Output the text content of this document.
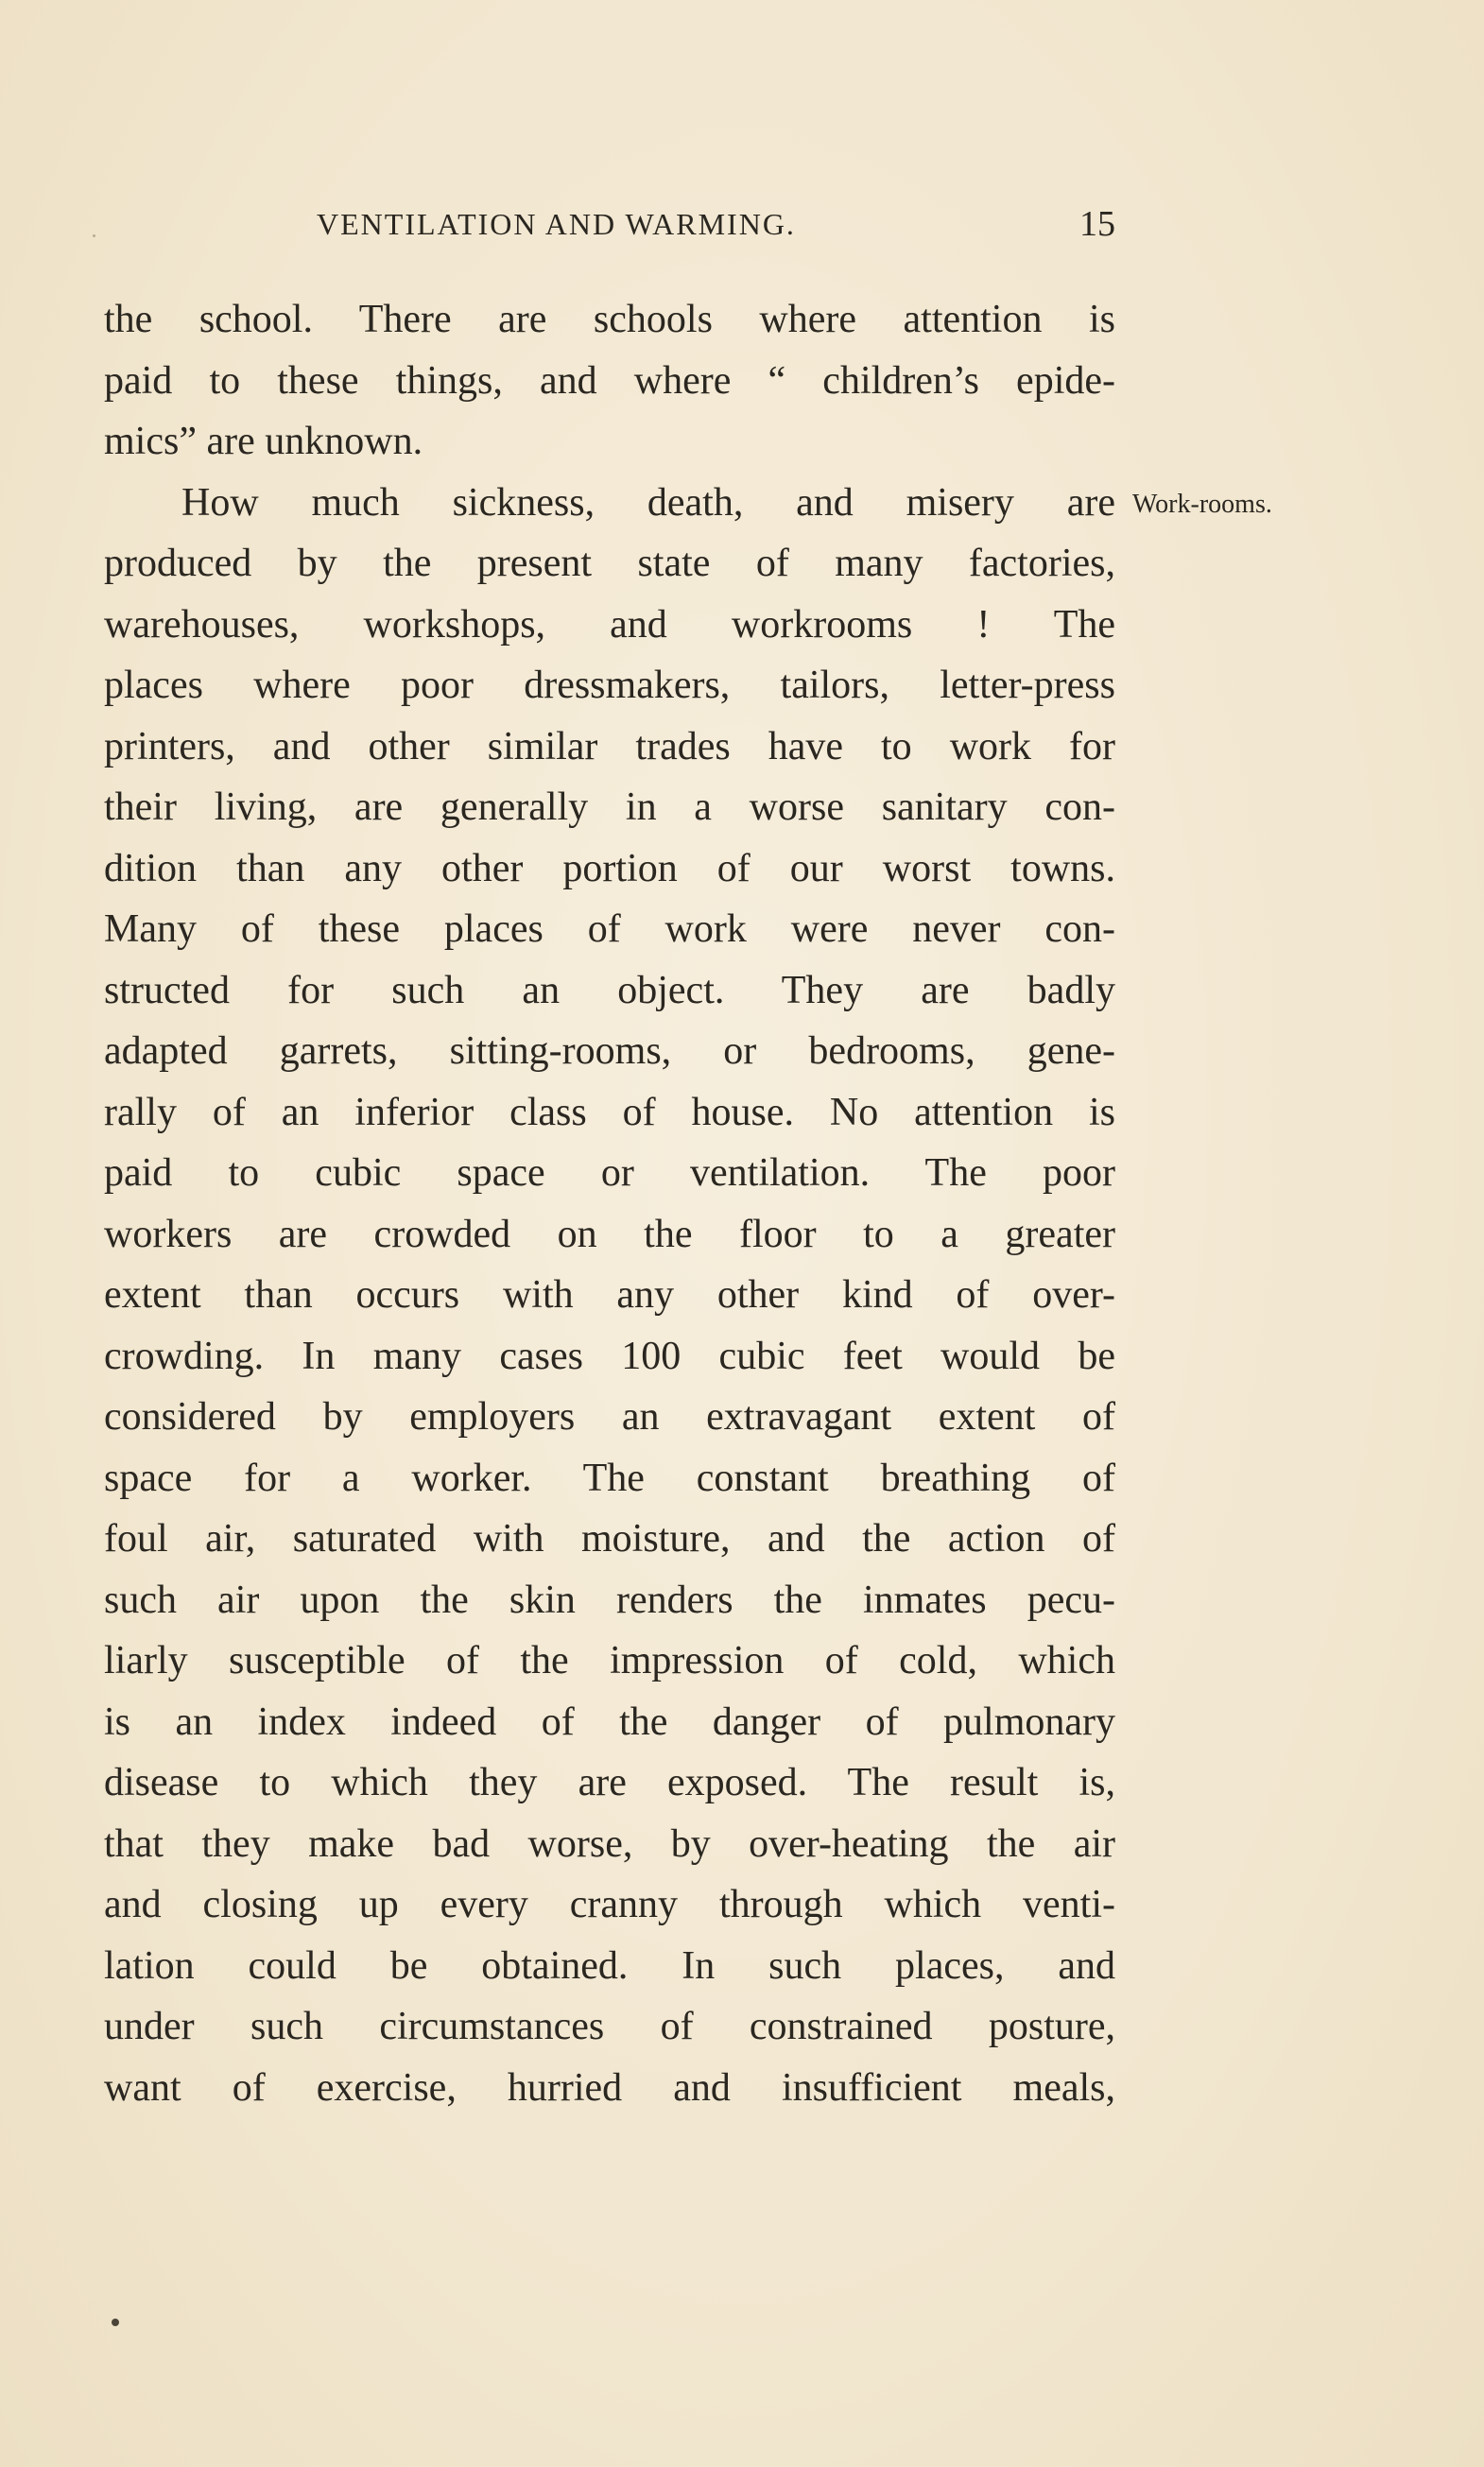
VENTILATION AND WARMING.	15
the school. There are schools where attention is
paid to these things, and where “ children’s epide-
mics” are unknown.
How much sickness, death, and misery are
produced by the present state of many factories,
warehouses, workshops, and workrooms ! The
places where poor dressmakers, tailors, letter-press
printers, and other similar trades have to work for
their living, are generally in a worse sanitary con-
dition than any other portion of our worst towns.
Many of these places of work were never con-
structed for such an object. They are badly
adapted garrets, sitting-rooms, or bedrooms, gene-
rally of an inferior class of house. No attention is
paid to cubic space or ventilation. The poor
workers are crowded on the floor to a greater
extent than occurs with any other kind of over-
crowding. In many cases 100 cubic feet would be
considered by employers an extravagant extent of
space for a worker. The constant breathing of
foul air, saturated with moisture, and the action of
such air upon the skin renders the inmates pecu-
liarly susceptible of the impression of cold, which
is an index indeed of the danger of pulmonary
disease to which they are exposed. The result is,
that they make bad worse, by over-heating the air
and closing up every cranny through which venti-
lation could be obtained. In such places, and
under such circumstances of constrained posture,
want of exercise, hurried and insufficient meals,
Work-rooms.
